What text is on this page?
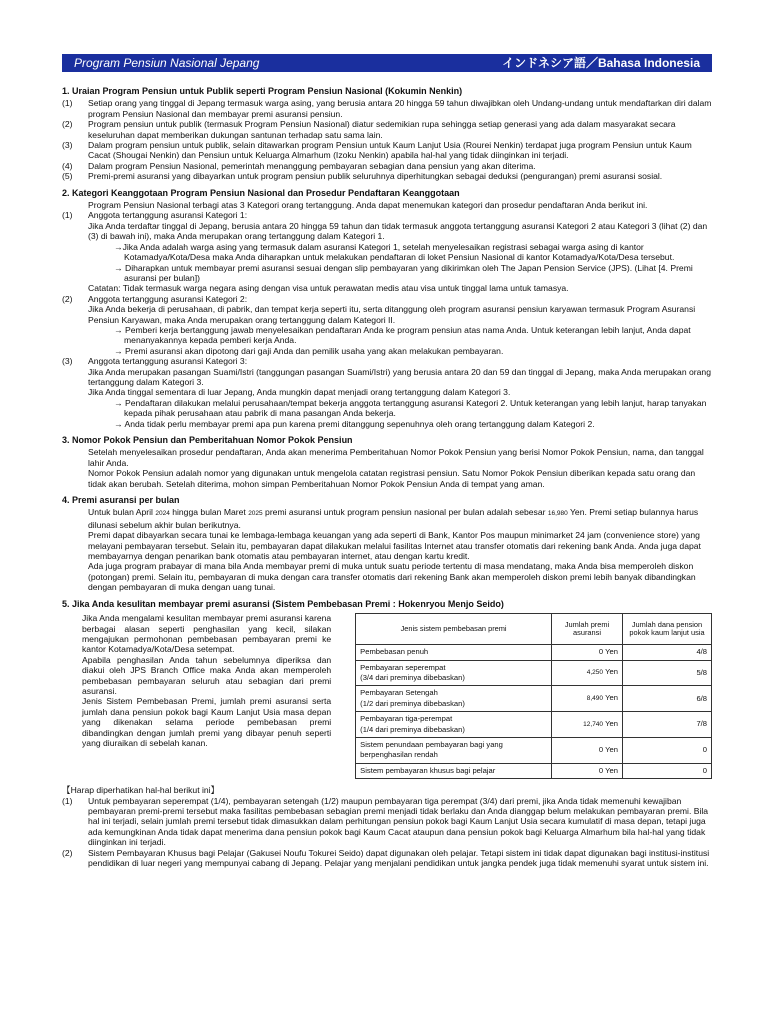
Program Pensiun Nasional Jepang	インドネシア語／Bahasa Indonesia
1. Uraian Program Pensiun untuk Publik seperti Program Pensiun Nasional (Kokumin Nenkin)
(1)	Setiap orang yang tinggal di Jepang termasuk warga asing, yang berusia antara 20 hingga 59 tahun diwajibkan oleh Undang-undang untuk mendaftarkan diri dalam program Pensiun Nasional dan membayar premi asuransi pensiun.
(2)	Program pensiun untuk publik (termasuk Program Pensiun Nasional) diatur sedemikian rupa sehingga setiap generasi yang ada dalam masyarakat secara keseluruhan dapat memberikan dukungan santunan terhadap satu sama lain.
(3)	Dalam program pensiun untuk publik, selain ditawarkan program Pensiun untuk Kaum Lanjut Usia (Rourei Nenkin) terdapat juga program Pensiun untuk Kaum Cacat (Shougai Nenkin) dan Pensiun untuk Keluarga Almarhum (Izoku Nenkin) apabila hal-hal yang tidak diinginkan ini terjadi.
(4)	Dalam program Pensiun Nasional, pemerintah menanggung pembayaran sebagian dana pensiun yang akan diterima.
(5)	Premi-premi asuransi yang dibayarkan untuk program pensiun publik seluruhnya diperhitungkan sebagai deduksi (pengurangan) premi asuransi sosial.
2. Kategori Keanggotaan Program Pensiun Nasional dan Prosedur Pendaftaran Keanggotaan
Program Pensiun Nasional terbagi atas 3 Kategori orang tertanggung. Anda dapat menemukan kategori dan prosedur pendaftaran Anda berikut ini.
(1)	Anggota tertanggung asuransi Kategori 1:
Jika Anda terdaftar tinggal di Jepang, berusia antara 20 hingga 59 tahun dan tidak termasuk anggota tertanggung asuransi Kategori 2 atau Kategori 3 (lihat (2) dan (3) di bawah ini), maka Anda merupakan orang tertanggung dalam Kategori 1.
→Jika Anda adalah warga asing yang termasuk dalam asuransi Kategori 1, setelah menyelesaikan registrasi sebagai warga asing di kantor Kotamadya/Kota/Desa maka Anda diharapkan untuk melakukan pendaftaran di loket Pensiun Nasional di kantor Kotamadya/Kota/Desa tersebut.
→ Diharapkan untuk membayar premi asuransi sesuai dengan slip pembayaran yang dikirimkan oleh The Japan Pension Service (JPS). (Lihat [4. Premi asuransi per bulan])
Catatan: Tidak termasuk warga negara asing dengan visa untuk perawatan medis atau visa untuk tinggal lama untuk tamasya.
(2)	Anggota tertanggung asuransi Kategori 2:
Jika Anda bekerja di perusahaan, di pabrik, dan tempat kerja seperti itu, serta ditanggung oleh program asuransi pensiun karyawan termasuk Program Asuransi Pensiun Karyawan, maka Anda merupakan orang tertanggung dalam Kategori II.
→ Pemberi kerja bertanggung jawab menyelesaikan pendaftaran Anda ke program pensiun atas nama Anda. Untuk keterangan lebih lanjut, Anda dapat menanyakannya kepada pemberi kerja Anda.
→ Premi asuransi akan dipotong dari gaji Anda dan pemilik usaha yang akan melakukan pembayaran.
(3)	Anggota tertanggung asuransi Kategori 3:
Jika Anda merupakan pasangan Suami/Istri (tanggungan pasangan Suami/Istri) yang berusia antara 20 dan 59 dan tinggal di Jepang, maka Anda merupakan orang tertanggung dalam Kategori 3.
Jika Anda tinggal sementara di luar Jepang, Anda mungkin dapat menjadi orang tertanggung dalam Kategori 3.
→ Pendaftaran dilakukan melalui perusahaan/tempat bekerja anggota tertanggung asuransi Kategori 2. Untuk keterangan yang lebih lanjut, harap tanyakan kepada pihak perusahaan atau pabrik di mana pasangan Anda bekerja.
→ Anda tidak perlu membayar premi apa pun karena premi ditanggung sepenuhnya oleh orang tertanggung dalam Kategori 2.
3. Nomor Pokok Pensiun dan Pemberitahuan Nomor Pokok Pensiun
Setelah menyelesaikan prosedur pendaftaran, Anda akan menerima Pemberitahuan Nomor Pokok Pensiun yang berisi Nomor Pokok Pensiun, nama, dan tanggal lahir Anda.
Nomor Pokok Pensiun adalah nomor yang digunakan untuk mengelola catatan registrasi pensiun. Satu Nomor Pokok Pensiun diberikan kepada satu orang dan tidak akan berubah. Setelah diterima, mohon simpan Pemberitahuan Nomor Pokok Pensiun Anda di tempat yang aman.
4. Premi asuransi per bulan
Untuk bulan April 2024 hingga bulan Maret 2025 premi asuransi untuk program pensiun nasional per bulan adalah sebesar 16,980 Yen. Premi setiap bulannya harus dilunasi sebelum akhir bulan berikutnya.
Premi dapat dibayarkan secara tunai ke lembaga-lembaga keuangan yang ada seperti di Bank, Kantor Pos maupun minimarket 24 jam (convenience store) yang melayani pembayaran tersebut. Selain itu, pembayaran dapat dilakukan melalui fasilitas Internet atau transfer otomatis dari rekening bank Anda. Anda juga dapat membayarnya dengan penarikan bank otomatis atau pembayaran internet, atau dengan kartu kredit.
Ada juga program prabayar di mana bila Anda membayar premi di muka untuk suatu periode tertentu di masa mendatang, maka Anda bisa memperoleh diskon (potongan) premi. Selain itu, pembayaran di muka dengan cara transfer otomatis dari rekening Bank akan memperoleh diskon premi lebih banyak dibandingkan dengan pembayaran di muka dengan uang tunai.
5. Jika Anda kesulitan membayar premi asuransi (Sistem Pembebasan Premi : Hokenryou Menjo Seido)
Jika Anda mengalami kesulitan membayar premi asuransi karena berbagai alasan seperti penghasilan yang kecil, silakan mengajukan permohonan pembebasan pembayaran premi ke kantor Kotamadya/Kota/Desa setempat.
Apabila penghasilan Anda tahun sebelumnya diperiksa dan diakui oleh JPS Branch Office maka Anda akan memperoleh pembebasan pembayaran seluruh atau sebagian dari premi asuransi.
Jenis Sistem Pembebasan Premi, jumlah premi asuransi serta jumlah dana pensiun pokok bagi Kaum Lanjut Usia masa depan yang dikenakan selama periode pembebasan premi dibandingkan dengan jumlah premi yang dibayar penuh seperti yang diuraikan di sebelah kanan.
Jenis sistem pembebasan premi	Jumlah premi asuransi	Jumlah dana pension pokok kaum lanjut usia
Pembebasan penuh	0 Yen	4/8
Pembayaran seperempat
(3/4 dari preminya dibebaskan)	4,250 Yen	5/8
Pembayaran Setengah
(1/2 dari preminya dibebaskan)	8,490 Yen	6/8
Pembayaran tiga-perempat
(1/4 dari preminya dibebaskan)	12,740 Yen	7/8
Sistem penundaan pembayaran bagi yang berpenghasilan rendah	0 Yen	0
Sistem pembayaran khusus bagi pelajar	0 Yen	0
【Harap diperhatikan hal-hal berikut ini】
(1)	Untuk pembayaran seperempat (1/4), pembayaran setengah (1/2) maupun pembayaran tiga perempat (3/4) dari premi, jika Anda tidak memenuhi kewajiban pembayaran premi-premi tersebut maka fasilitas pembebasan sebagian premi menjadi tidak berlaku dan Anda dianggap belum melakukan pembayaran premi. Bila hal ini terjadi, selain jumlah premi tersebut tidak dimasukkan dalam perhitungan pensiun pokok bagi Kaum Lanjut Usia secara kumulatif di masa depan, tetapi juga ada kemungkinan Anda tidak dapat menerima dana pensiun pokok bagi Kaum Cacat ataupun dana pensiun pokok bagi Keluarga Almarhum bila hal-hal yang tidak diinginkan ini terjadi.
(2)	Sistem Pembayaran Khusus bagi Pelajar (Gakusei Noufu Tokurei Seido) dapat digunakan oleh pelajar. Tetapi sistem ini tidak dapat digunakan bagi institusi-institusi pendidikan di luar negeri yang mempunyai cabang di Jepang. Pelajar yang menjalani pendidikan untuk jangka pendek juga tidak memenuhi syarat untuk sistem ini.
